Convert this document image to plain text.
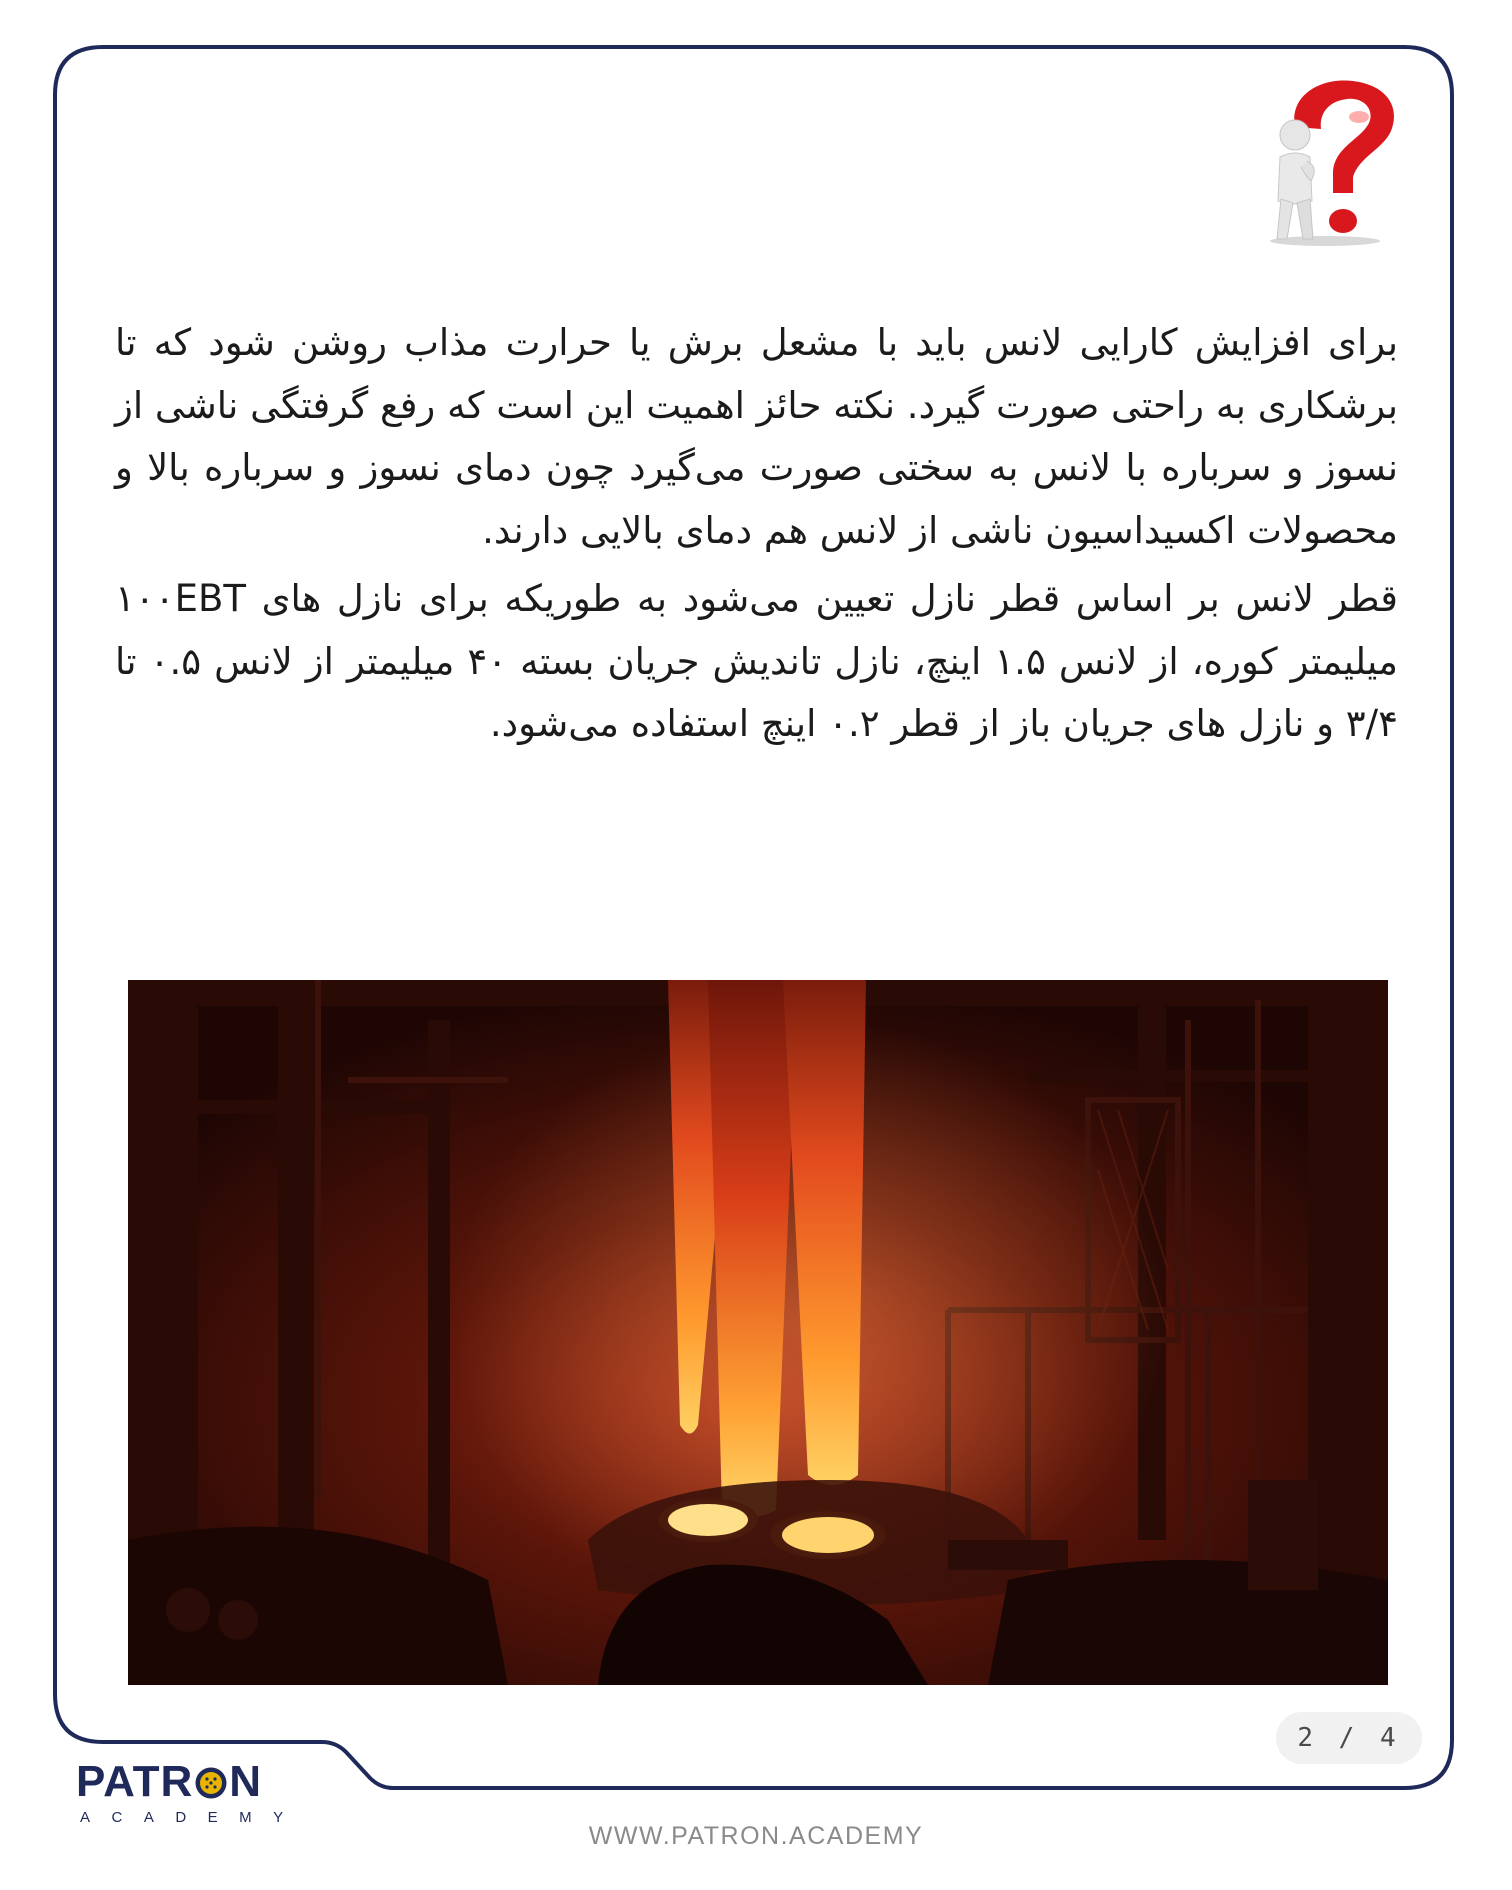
برای افزایش کارایی لانس باید با مشعل برش یا حرارت مذاب روشن شود که تا برشکاری به راحتی صورت گیرد. نکته حائز اهمیت این است که رفع گرفتگی ناشی از نسوز و سرباره با لانس به سختی صورت می‌گیرد چون دمای نسوز و سرباره بالا و محصولات اکسیداسیون ناشی از لانس هم دمای بالایی دارند.

قطر لانس بر اساس قطر نازل تعیین می‌شود به طوریکه برای نازل های ۱۰۰EBT میلیمتر کوره، از لانس ۱.۵ اینچ، نازل تاندیش جریان بسته ۴۰ میلیمتر از لانس ۰.۵ تا ۳/۴ و نازل های جریان باز از قطر ۰.۲ اینچ استفاده می‌شود.

2 / 4
PATR N
ACADEMY
WWW.PATRON.ACADEMY
